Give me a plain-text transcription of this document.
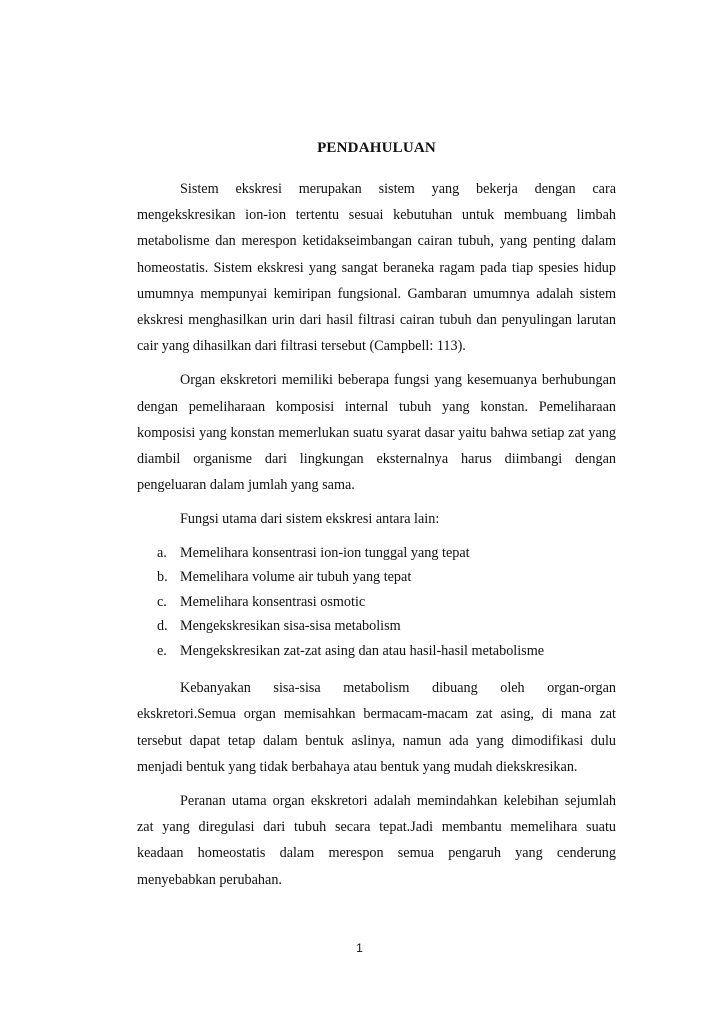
PENDAHULUAN

Sistem ekskresi merupakan sistem yang bekerja dengan cara mengekskresikan ion-ion tertentu sesuai kebutuhan untuk membuang limbah metabolisme dan merespon ketidakseimbangan cairan tubuh, yang penting dalam homeostatis. Sistem ekskresi yang sangat beraneka ragam pada tiap spesies hidup umumnya mempunyai kemiripan fungsional. Gambaran umumnya adalah sistem ekskresi menghasilkan urin dari hasil filtrasi cairan tubuh dan penyulingan larutan cair yang dihasilkan dari filtrasi tersebut (Campbell: 113).

Organ ekskretori memiliki beberapa fungsi yang kesemuanya berhubungan dengan pemeliharaan komposisi internal tubuh yang konstan. Pemeliharaan komposisi yang konstan memerlukan suatu syarat dasar yaitu bahwa setiap zat yang diambil organisme dari lingkungan eksternalnya harus diimbangi dengan pengeluaran dalam jumlah yang sama.

Fungsi utama dari sistem ekskresi antara lain:

a. Memelihara konsentrasi ion-ion tunggal yang tepat
b. Memelihara volume air tubuh yang tepat
c. Memelihara konsentrasi osmotic
d. Mengekskresikan sisa-sisa metabolism
e. Mengekskresikan zat-zat asing dan atau hasil-hasil metabolisme

Kebanyakan sisa-sisa metabolism dibuang oleh organ-organ ekskretori.Semua organ memisahkan bermacam-macam zat asing, di mana zat tersebut dapat tetap dalam bentuk aslinya, namun ada yang dimodifikasi dulu menjadi bentuk yang tidak berbahaya atau bentuk yang mudah diekskresikan.

Peranan utama organ ekskretori adalah memindahkan kelebihan sejumlah zat yang diregulasi dari tubuh secara tepat.Jadi membantu memelihara suatu keadaan homeostatis dalam merespon semua pengaruh yang cenderung menyebabkan perubahan.

1
